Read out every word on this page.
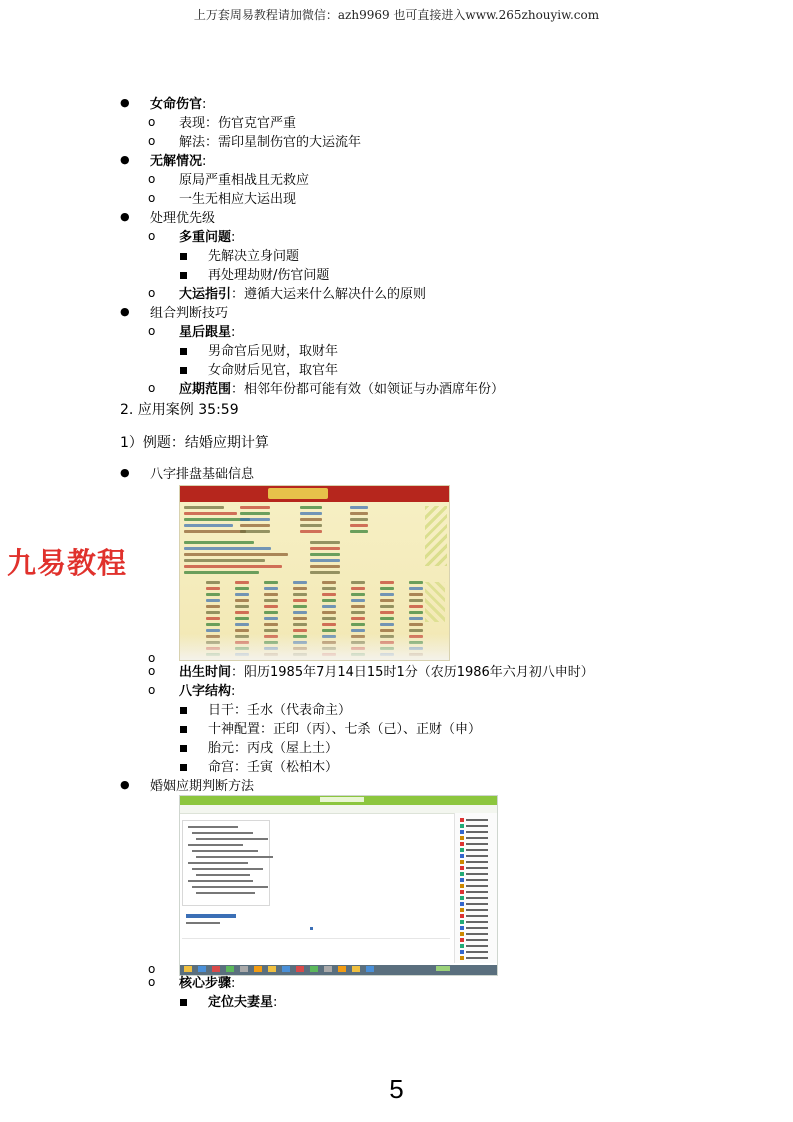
上万套周易教程请加微信：azh9969 也可直接进入www.265zhouyiw.com
● 女命伤官:
o 表现：伤官克官严重
o 解法：需印星制伤官的大运流年
● 无解情况:
o 原局严重相战且无救应
o 一生无相应大运出现
● 处理优先级
o 多重问题:
先解决立身问题
再处理劫财/伤官问题
o 大运指引：遵循大运来什么解决什么的原则
● 组合判断技巧
o 星后跟星:
男命官后见财，取财年
女命财后见官，取官年
o 应期范围：相邻年份都可能有效（如领证与办酒席年份）
2. 应用案例 35:59
1）例题：结婚应期计算
● 八字排盘基础信息
九易教程
o
o 出生时间：阳历1985年7月14日15时1分（农历1986年六月初八申时）
o 八字结构:
日干：壬水（代表命主）
十神配置：正印（丙）、七杀（己）、正财（申）
胎元：丙戌（屋上土）
命宫：壬寅（松柏木）
● 婚姻应期判断方法
o
o 核心步骤:
定位夫妻星:
5
